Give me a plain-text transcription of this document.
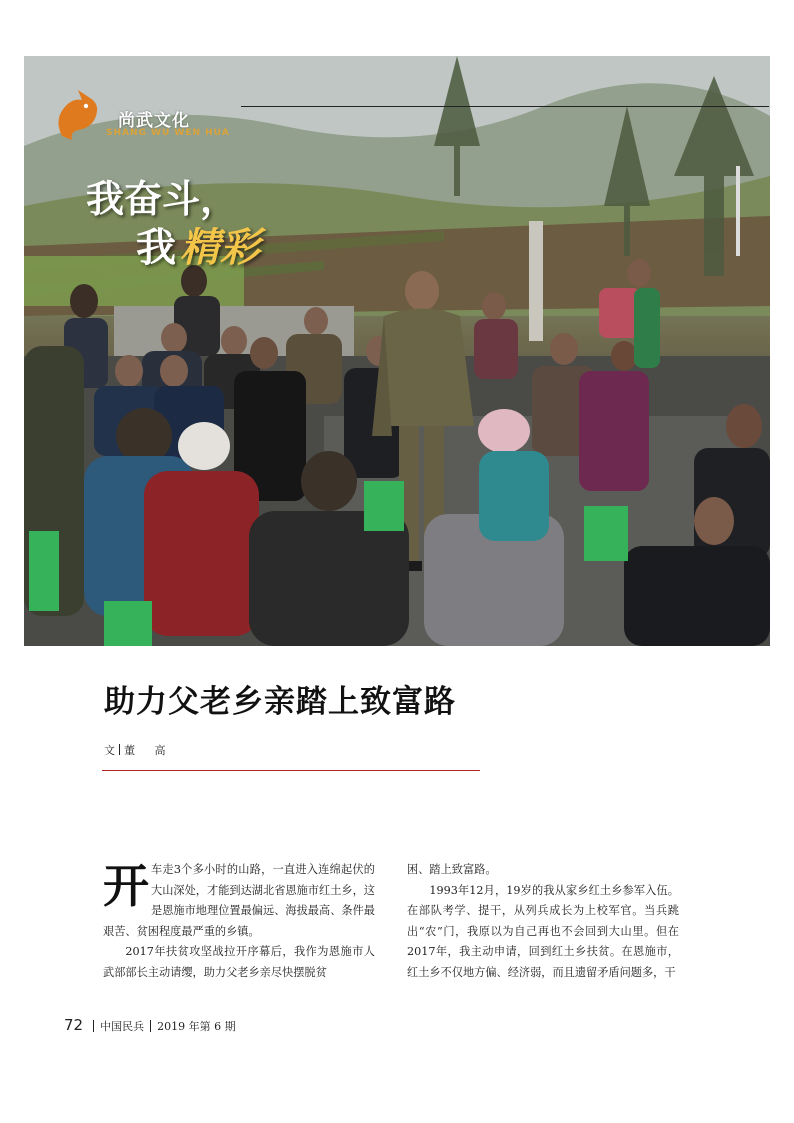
尚武文化
SHANG WU WEN HUA
我奋斗，
我 精彩
助力父老乡亲踏上致富路
文 董 高

开车走3个多小时的山路，一直进入连绵起伏的大山深处，才能到达湖北省恩施市红土乡，这是恩施市地理位置最偏远、海拔最高、条件最艰苦、贫困程度最严重的乡镇。

2017年扶贫攻坚战拉开序幕后，我作为恩施市人武部部长主动请缨，助力父老乡亲尽快摆脱贫

困、踏上致富路。

1993年12月，19岁的我从家乡红土乡参军入伍。在部队考学、提干，从列兵成长为上校军官。当兵跳出“农”门，我原以为自己再也不会回到大山里。但在2017年，我主动申请，回到红土乡扶贫。在恩施市，红土乡不仅地方偏、经济弱，而且遗留矛盾问题多，干

72 中国民兵 2019 年第 6 期
